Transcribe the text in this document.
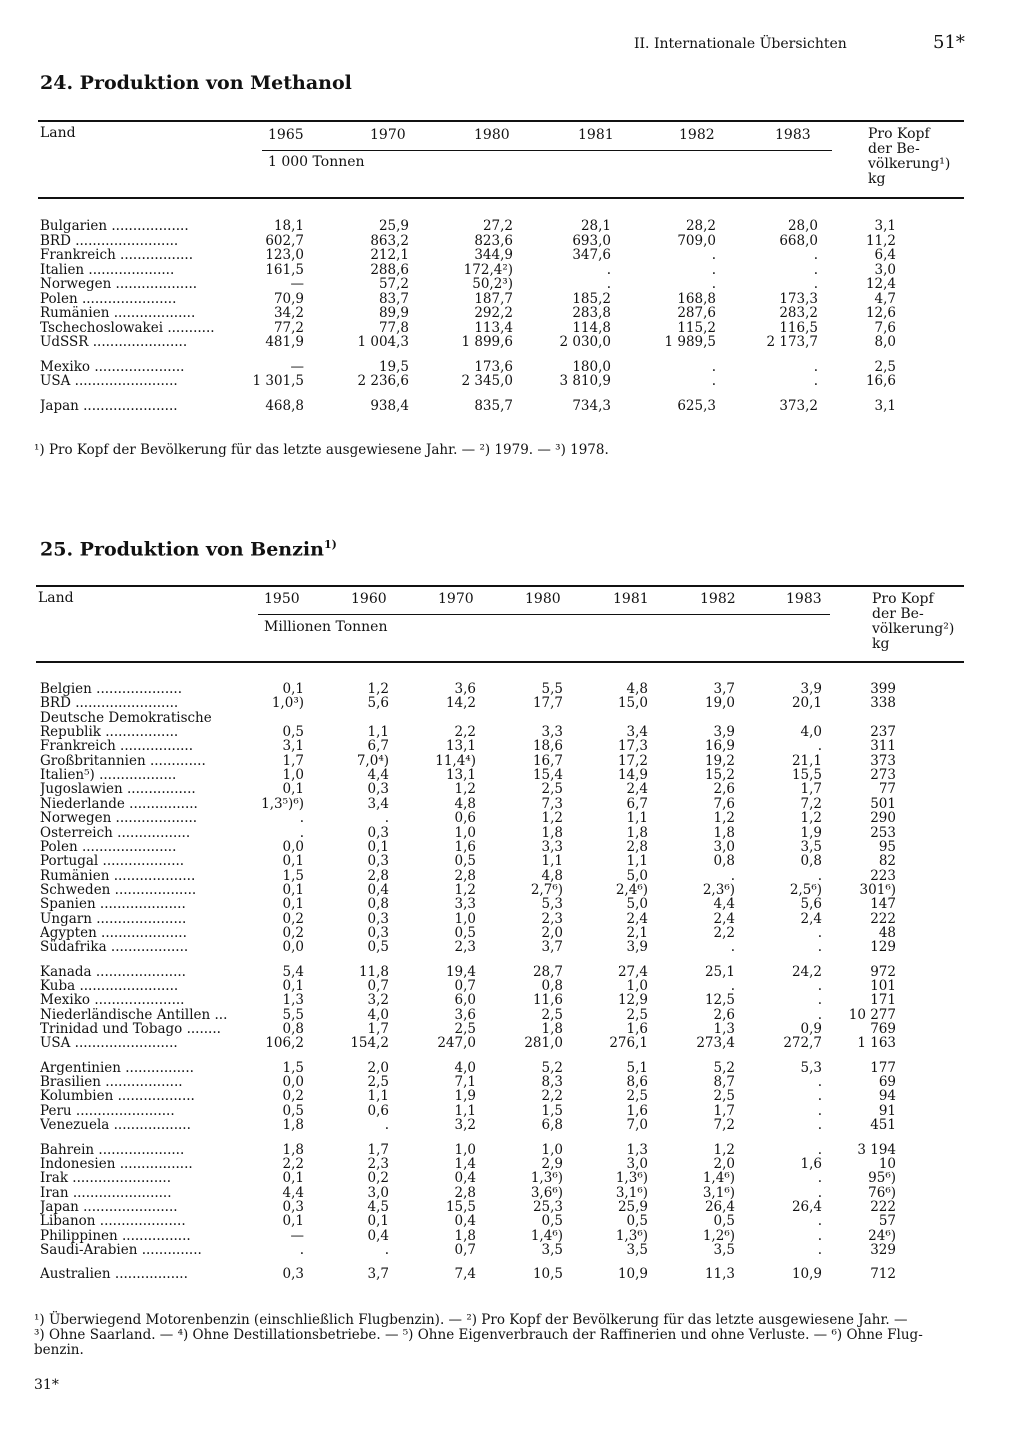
II. Internationale Übersichten	51*
24. Produktion von Methanol
Land	1965	1970	1980	1981	1982	1983
1 000 Tonnen
Pro Kopf
der Be-
völkerung¹)
kg
Bulgarien ..................	18,1	25,9	27,2	28,1	28,2	28,0	3,1
BRD ........................	602,7	863,2	823,6	693,0	709,0	668,0	11,2
Frankreich .................	123,0	212,1	344,9	347,6	.	.	6,4
Italien ....................	161,5	288,6	172,4²)	.	.	.	3,0
Norwegen ...................	—	57,2	50,2³)	.	.	.	12,4
Polen ......................	70,9	83,7	187,7	185,2	168,8	173,3	4,7
Rumänien ...................	34,2	89,9	292,2	283,8	287,6	283,2	12,6
Tschechoslowakei ...........	77,2	77,8	113,4	114,8	115,2	116,5	7,6
UdSSR ......................	481,9	1 004,3	1 899,6	2 030,0	1 989,5	2 173,7	8,0
Mexiko .....................	—	19,5	173,6	180,0	.	.	2,5
USA ........................	1 301,5	2 236,6	2 345,0	3 810,9	.	.	16,6
Japan ......................	468,8	938,4	835,7	734,3	625,3	373,2	3,1
¹) Pro Kopf der Bevölkerung für das letzte ausgewiesene Jahr. — ²) 1979. — ³) 1978.
25. Produktion von Benzin$^{1)}$
Land	1950	1960	1970	1980	1981	1982	1983
Millionen Tonnen
Pro Kopf
der Be-
völkerung²)
kg
Belgien ....................	0,1	1,2	3,6	5,5	4,8	3,7	3,9	399
BRD ........................	1,0³)	5,6	14,2	17,7	15,0	19,0	20,1	338
Deutsche Demokratische
Republik .................	0,5	1,1	2,2	3,3	3,4	3,9	4,0	237
Frankreich .................	3,1	6,7	13,1	18,6	17,3	16,9	.	311
Großbritannien .............	1,7	7,0⁴)	11,4⁴)	16,7	17,2	19,2	21,1	373
Italien⁵) ..................	1,0	4,4	13,1	15,4	14,9	15,2	15,5	273
Jugoslawien ................	0,1	0,3	1,2	2,5	2,4	2,6	1,7	77
Niederlande ................	1,3⁵)⁶)	3,4	4,8	7,3	6,7	7,6	7,2	501
Norwegen ...................	.	.	0,6	1,2	1,1	1,2	1,2	290
Österreich .................	.	0,3	1,0	1,8	1,8	1,8	1,9	253
Polen ......................	0,0	0,1	1,6	3,3	2,8	3,0	3,5	95
Portugal ...................	0,1	0,3	0,5	1,1	1,1	0,8	0,8	82
Rumänien ...................	1,5	2,8	2,8	4,8	5,0	.	.	223
Schweden ...................	0,1	0,4	1,2	2,7⁶)	2,4⁶)	2,3⁶)	2,5⁶)	301⁶)
Spanien ....................	0,1	0,8	3,3	5,3	5,0	4,4	5,6	147
Ungarn .....................	0,2	0,3	1,0	2,3	2,4	2,4	2,4	222
Ägypten ....................	0,2	0,3	0,5	2,0	2,1	2,2	.	48
Südafrika ..................	0,0	0,5	2,3	3,7	3,9	.	.	129
Kanada .....................	5,4	11,8	19,4	28,7	27,4	25,1	24,2	972
Kuba .......................	0,1	0,7	0,7	0,8	1,0	.	.	101
Mexiko .....................	1,3	3,2	6,0	11,6	12,9	12,5	.	171
Niederländische Antillen ...	5,5	4,0	3,6	2,5	2,5	2,6	.	10 277
Trinidad und Tobago ........	0,8	1,7	2,5	1,8	1,6	1,3	0,9	769
USA ........................	106,2	154,2	247,0	281,0	276,1	273,4	272,7	1 163
Argentinien ................	1,5	2,0	4,0	5,2	5,1	5,2	5,3	177
Brasilien ..................	0,0	2,5	7,1	8,3	8,6	8,7	.	69
Kolumbien ..................	0,2	1,1	1,9	2,2	2,5	2,5	.	94
Peru .......................	0,5	0,6	1,1	1,5	1,6	1,7	.	91
Venezuela ..................	1,8	.	3,2	6,8	7,0	7,2	.	451
Bahrein ....................	1,8	1,7	1,0	1,0	1,3	1,2	.	3 194
Indonesien .................	2,2	2,3	1,4	2,9	3,0	2,0	1,6	10
Irak .......................	0,1	0,2	0,4	1,3⁶)	1,3⁶)	1,4⁶)	.	95⁶)
Iran .......................	4,4	3,0	2,8	3,6⁶)	3,1⁶)	3,1⁶)	.	76⁶)
Japan ......................	0,3	4,5	15,5	25,3	25,9	26,4	26,4	222
Libanon ....................	0,1	0,1	0,4	0,5	0,5	0,5	.	57
Philippinen ................	—	0,4	1,8	1,4⁶)	1,3⁶)	1,2⁶)	.	24⁶)
Saudi-Arabien ..............	.	.	0,7	3,5	3,5	3,5	.	329
Australien .................	0,3	3,7	7,4	10,5	10,9	11,3	10,9	712
¹) Überwiegend Motorenbenzin (einschließlich Flugbenzin). — ²) Pro Kopf der Bevölkerung für das letzte ausgewiesene Jahr. —
³) Ohne Saarland. — ⁴) Ohne Destillationsbetriebe. — ⁵) Ohne Eigenverbrauch der Raffinerien und ohne Verluste. — ⁶) Ohne Flug-
benzin.
31*
